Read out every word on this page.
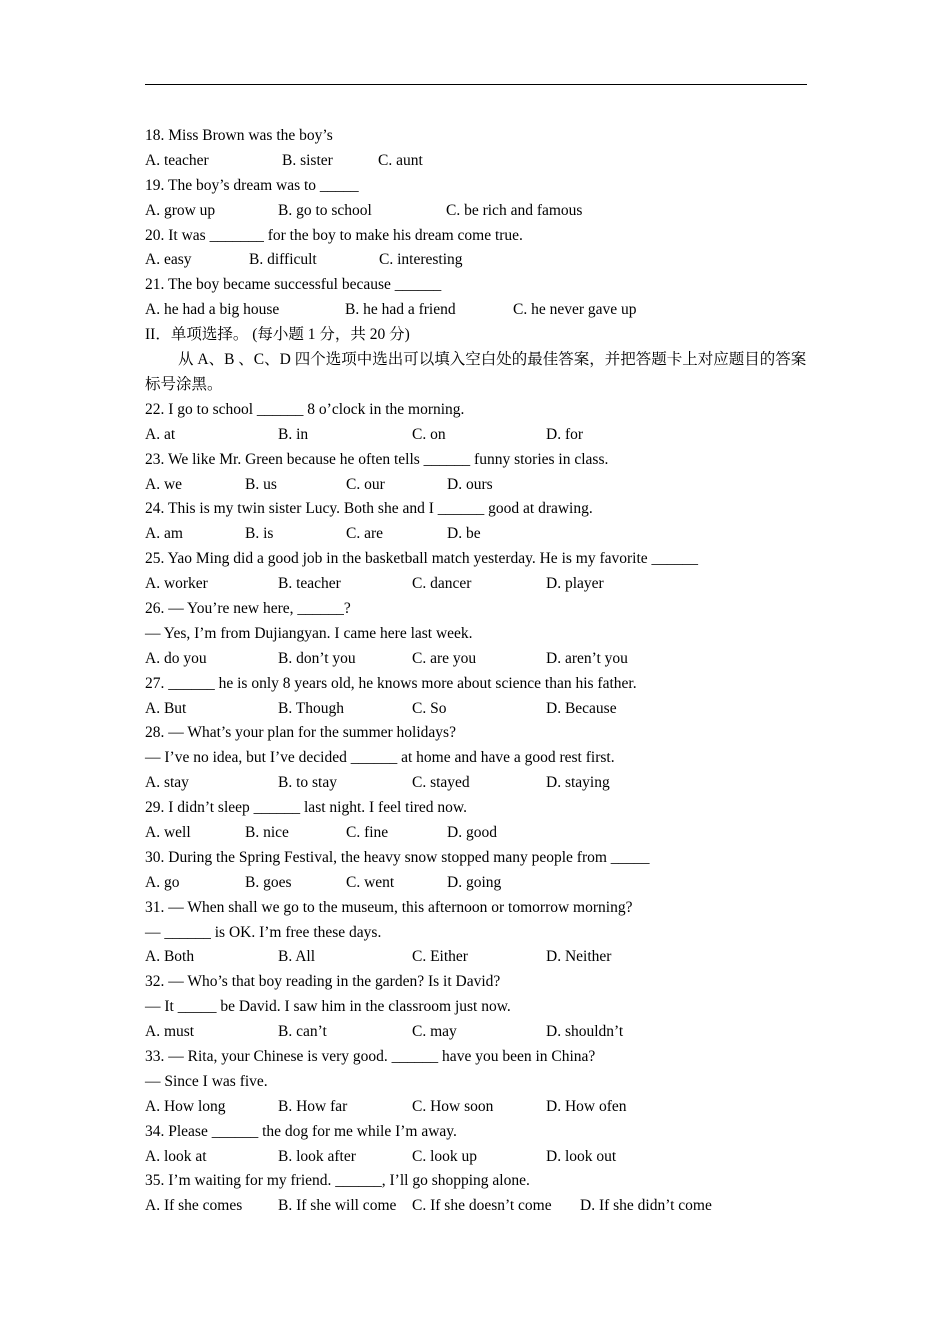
18. Miss Brown was the boy’s
A. teacher	B. sister	C. aunt
19. The boy’s dream was to _____
A. grow up	B. go to school	C. be rich and famous
20. It was _______ for the boy to make his dream come true.
A. easy	B. difficult	C. interesting
21. The boy became successful because ______
A. he had a big house	B. he had a friend	C. he never gave up
II．单项选择。 (每小题 1 分，共 20 分)
从 A、B 、C、D 四个选项中选出可以填入空白处的最佳答案，并把答题卡上对应题目的答案标号涂黑。
22. I go to school ______ 8 o’clock in the morning.
A. at	B. in	C. on	D. for
23. We like Mr. Green because he often tells ______ funny stories in class.
A. we	B. us	C. our	D. ours
24. This is my twin sister Lucy. Both she and I ______ good at drawing.
A. am	B. is	C. are	D. be
25. Yao Ming did a good job in the basketball match yesterday. He is my favorite ______
A. worker	B. teacher	C. dancer	D. player
26. — You’re new here, ______?
— Yes, I’m from Dujiangyan. I came here last week.
A. do you	B. don’t you	C. are you	D. aren’t you
27. ______ he is only 8 years old, he knows more about science than his father.
A. But	B. Though	C. So	D. Because
28. — What’s your plan for the summer holidays?
— I’ve no idea, but I’ve decided ______ at home and have a good rest first.
A. stay	B. to stay	C. stayed	D. staying
29. I didn’t sleep ______ last night. I feel tired now.
A. well	B. nice	C. fine	D. good
30. During the Spring Festival, the heavy snow stopped many people from _____
A. go	B. goes	C. went	D. going
31. — When shall we go to the museum, this afternoon or tomorrow morning?
— ______ is OK. I’m free these days.
A. Both	B. All	C. Either	D. Neither
32. — Who’s that boy reading in the garden? Is it David?
— It _____ be David. I saw him in the classroom just now.
A. must	B. can’t	C. may	D. shouldn’t
33. — Rita, your Chinese is very good. ______ have you been in China?
— Since I was five.
A. How long	B. How far	C. How soon	D. How ofen
34. Please ______ the dog for me while I’m away.
A. look at	B. look after	C. look up	D. look out
35. I’m waiting for my friend. ______, I’ll go shopping alone.
A. If she comes B. If she will come C. If she doesn’t come D. If she didn’t come
